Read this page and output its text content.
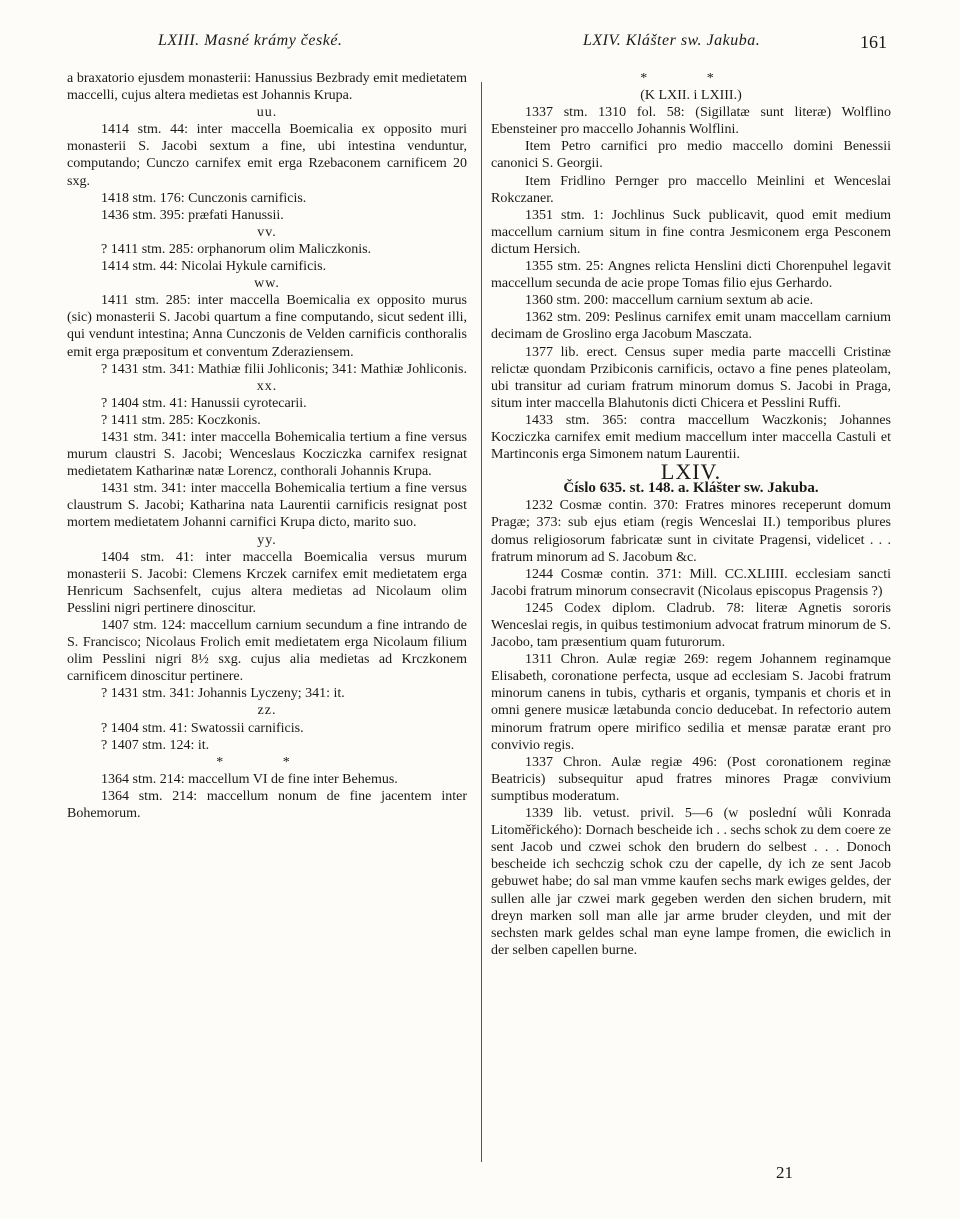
LXIII. Masné krámy české.	LXIV. Klášter sw. Jakuba.	161

a braxatorio ejusdem monasterii: Hanussius Bezbrady emit medietatem maccelli, cujus altera medietas est Johannis Krupa.

uu.

1414 stm. 44: inter maccella Boemicalia ex opposito muri monasterii S. Jacobi sextum a fine, ubi intestina venduntur, computando; Cunczo carnifex emit erga Rzebaconem carnificem 20 sxg.

1418 stm. 176: Cunczonis carnificis.

1436 stm. 395: præfati Hanussii.

vv.

? 1411 stm. 285: orphanorum olim Maliczkonis.

1414 stm. 44: Nicolai Hykule carnificis.

ww.

1411 stm. 285: inter maccella Boemicalia ex opposito murus (sic) monasterii S. Jacobi quartum a fine computando, sicut sedent illi, qui vendunt intestina; Anna Cunczonis de Velden carnificis conthoralis emit erga præpositum et conventum Zderaziensem.

? 1431 stm. 341: Mathiæ filii Johliconis; 341: Mathiæ Johliconis.

xx.

? 1404 stm. 41: Hanussii cyrotecarii.

? 1411 stm. 285: Koczkonis.

1431 stm. 341: inter maccella Bohemicalia tertium a fine versus murum claustri S. Jacobi; Wenceslaus Kocziczka carnifex resignat medietatem Katharinæ natæ Lorencz, conthorali Johannis Krupa.

1431 stm. 341: inter maccella Bohemicalia tertium a fine versus claustrum S. Jacobi; Katharina nata Laurentii carnificis resignat post mortem medietatem Johanni carnifici Krupa dicto, marito suo.

yy.

1404 stm. 41: inter maccella Boemicalia versus murum monasterii S. Jacobi: Clemens Krczek carnifex emit medietatem erga Henricum Sachsenfelt, cujus altera medietas ad Nicolaum olim Pesslini nigri pertinere dinoscitur.

1407 stm. 124: maccellum carnium secundum a fine intrando de S. Francisco; Nicolaus Frolich emit medietatem erga Nicolaum filium olim Pesslini nigri 8½ sxg. cujus alia medietas ad Krczkonem carnificem dinoscitur pertinere.

? 1431 stm. 341: Johannis Lyczeny; 341: it.

zz.

? 1404 stm. 41: Swatossii carnificis.

? 1407 stm. 124: it.

* *

1364 stm. 214: maccellum VI de fine inter Behemus.

1364 stm. 214: maccellum nonum de fine jacentem inter Bohemorum.

* *

(K LXII. i LXIII.)

1337 stm. 1310 fol. 58: (Sigillatæ sunt literæ) Wolflino Ebensteiner pro maccello Johannis Wolflini.

Item Petro carnifici pro medio maccello domini Benessii canonici S. Georgii.

Item Fridlino Pernger pro maccello Meinlini et Wenceslai Rokczaner.

1351 stm. 1: Jochlinus Suck publicavit, quod emit medium maccellum carnium situm in fine contra Jesmiconem erga Pesconem dictum Hersich.

1355 stm. 25: Angnes relicta Henslini dicti Chorenpuhel legavit maccellum secunda de acie prope Tomas filio ejus Gerhardo.

1360 stm. 200: maccellum carnium sextum ab acie.

1362 stm. 209: Peslinus carnifex emit unam maccellam carnium decimam de Groslino erga Jacobum Masczata.

1377 lib. erect. Census super media parte maccelli Cristinæ relictæ quondam Przibiconis carnificis, octavo a fine penes plateolam, ubi transitur ad curiam fratrum minorum domus S. Jacobi in Praga, situm inter maccella Blahutonis dicti Chicera et Pesslini Ruffi.

1433 stm. 365: contra maccellum Waczkonis; Johannes Kocziczka carnifex emit medium maccellum inter maccella Castuli et Martinconis erga Simonem natum Laurentii.

LXIV.

Číslo 635. st. 148. a. Klášter sw. Jakuba.

1232 Cosmæ contin. 370: Fratres minores receperunt domum Pragæ; 373: sub ejus etiam (regis Wenceslai II.) temporibus plures domus religiosorum fabricatæ sunt in civitate Pragensi, videlicet . . . fratrum minorum ad S. Jacobum &c.

1244 Cosmæ contin. 371: Mill. CC.XLIIII. ecclesiam sancti Jacobi fratrum minorum consecravit (Nicolaus episcopus Pragensis ?)

1245 Codex diplom. Cladrub. 78: literæ Agnetis sororis Wenceslai regis, in quibus testimonium advocat fratrum minorum de S. Jacobo, tam præsentium quam futurorum.

1311 Chron. Aulæ regiæ 269: regem Johannem reginamque Elisabeth, coronatione perfecta, usque ad ecclesiam S. Jacobi fratrum minorum canens in tubis, cytharis et organis, tympanis et choris et in omni genere musicæ lætabunda concio deducebat. In refectorio autem minorum fratrum opere mirifico sedilia et mensæ paratæ erant pro convivio regis.

1337 Chron. Aulæ regiæ 496: (Post coronationem reginæ Beatricis) subsequitur apud fratres minores Pragæ convivium sumptibus moderatum.

1339 lib. vetust. privil. 5—6 (w poslední wůli Konrada Litoměřického): Dornach bescheide ich . . sechs schok zu dem coere ze sent Jacob und czwei schok den brudern do selbest . . . Donoch bescheide ich sechczig schok czu der capelle, dy ich ze sent Jacob gebuwet habe; do sal man vmme kaufen sechs mark ewiges geldes, der sullen alle jar czwei mark gegeben werden den sichen brudern, mit dreyn marken soll man alle jar arme bruder cleyden, und mit der sechsten mark geldes schal man eyne lampe fromen, die ewiclich in der selben capellen burne.

21
